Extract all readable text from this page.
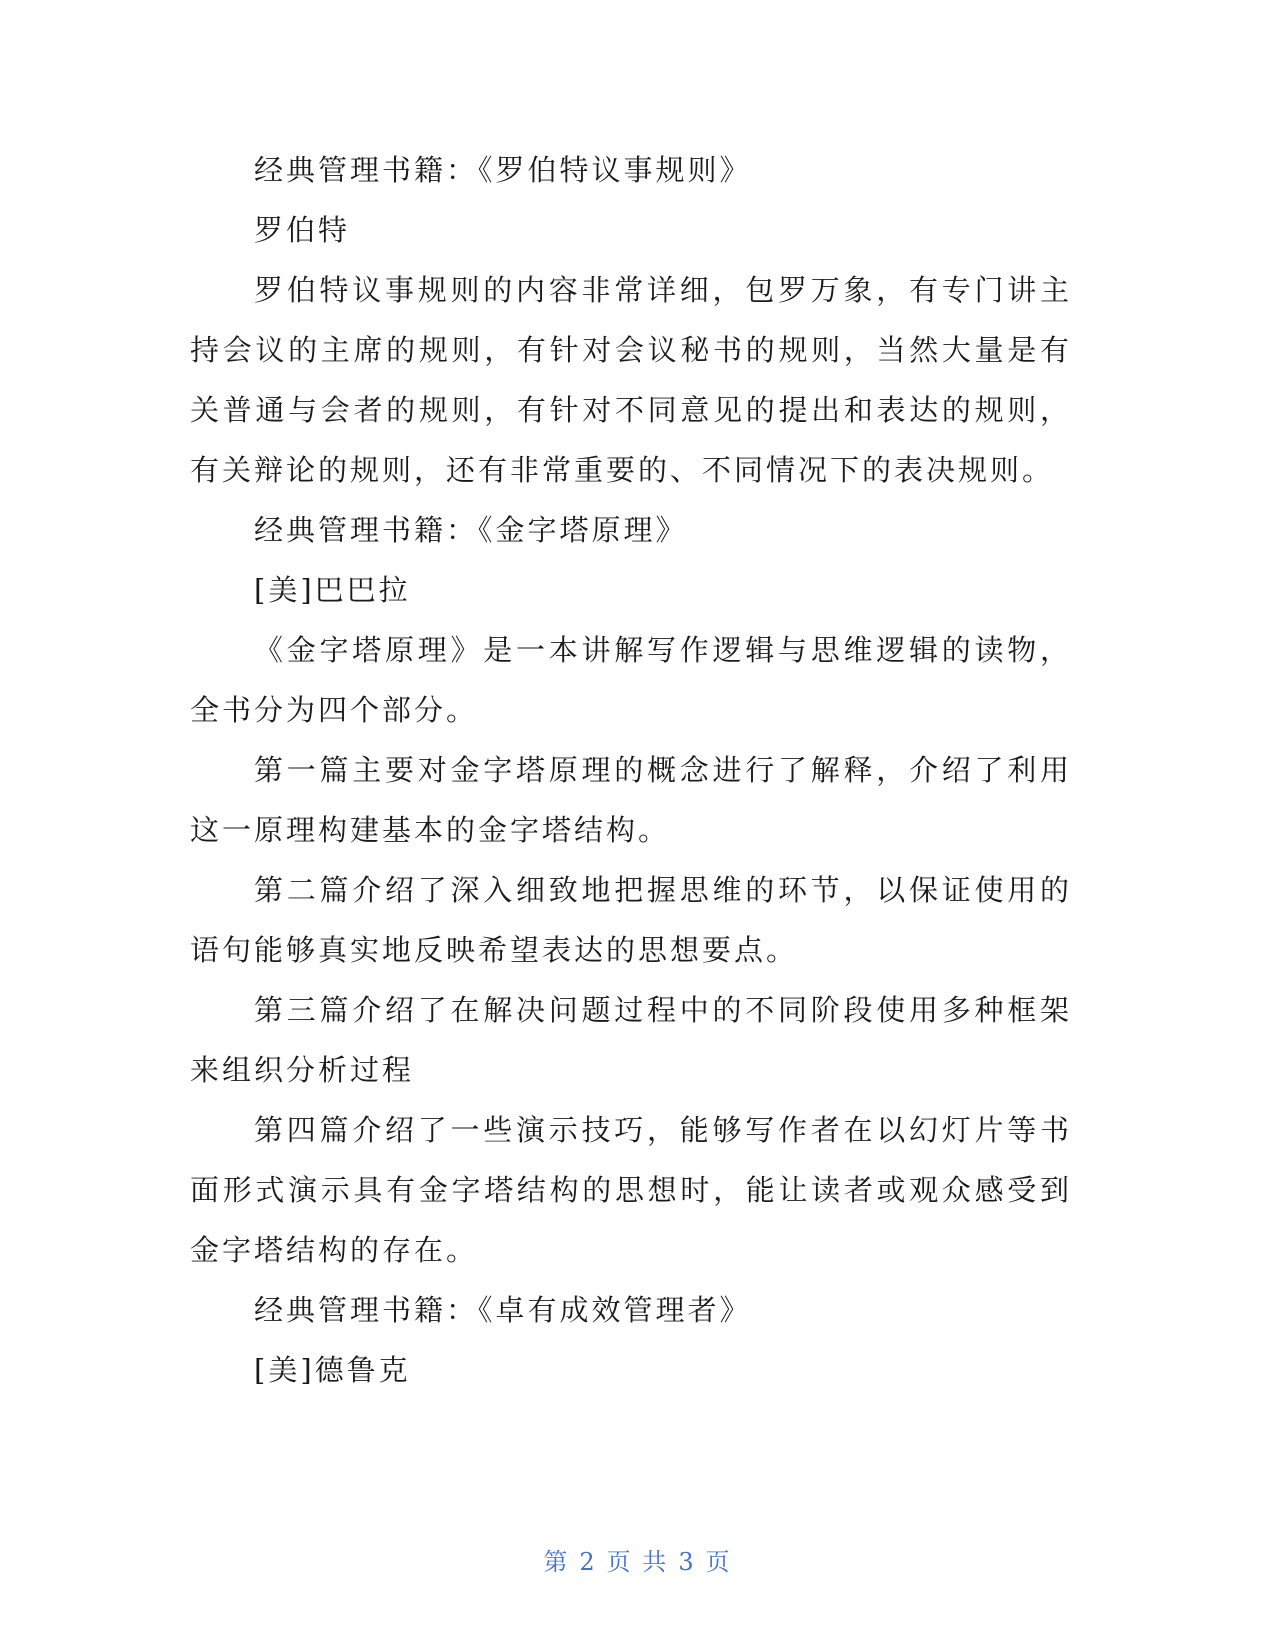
经典管理书籍：《罗伯特议事规则》

罗伯特

罗伯特议事规则的内容非常详细，包罗万象，有专门讲主持会议的主席的规则，有针对会议秘书的规则，当然大量是有关普通与会者的规则，有针对不同意见的提出和表达的规则，有关辩论的规则，还有非常重要的、不同情况下的表决规则。

经典管理书籍：《金字塔原理》

[美]巴巴拉

《金字塔原理》是一本讲解写作逻辑与思维逻辑的读物，全书分为四个部分。

第一篇主要对金字塔原理的概念进行了解释，介绍了利用这一原理构建基本的金字塔结构。

第二篇介绍了深入细致地把握思维的环节，以保证使用的语句能够真实地反映希望表达的思想要点。

第三篇介绍了在解决问题过程中的不同阶段使用多种框架来组织分析过程

第四篇介绍了一些演示技巧，能够写作者在以幻灯片等书面形式演示具有金字塔结构的思想时，能让读者或观众感受到金字塔结构的存在。

经典管理书籍：《卓有成效管理者》

[美]德鲁克

第 2 页 共 3 页
